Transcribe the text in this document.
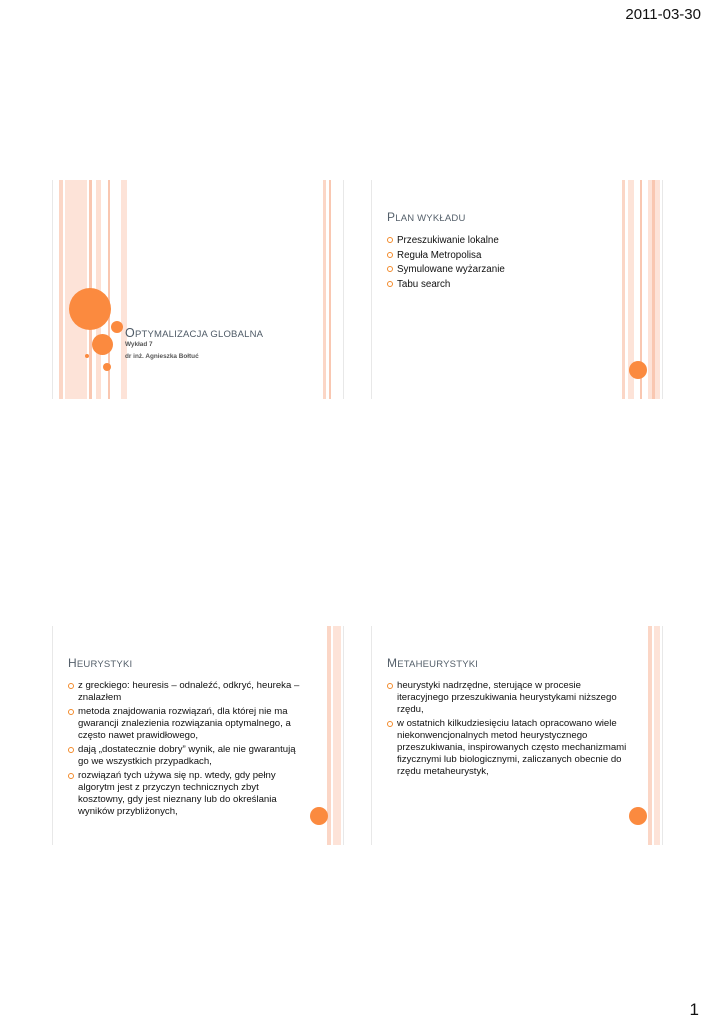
2011-03-30
OPTYMALIZACJA GLOBALNA
Wykład 7
dr inż. Agnieszka Bołtuć
PLAN WYKŁADU
Przeszukiwanie lokalne
Reguła Metropolisa
Symulowane wyżarzanie
Tabu search
HEURYSTYKI
z greckiego: heuresis – odnaleźć, odkryć, heureka – znalazłem
metoda znajdowania rozwiązań, dla której nie ma gwarancji znalezienia rozwiązania optymalnego, a często nawet prawidłowego,
dają „dostatecznie dobry” wynik, ale nie gwarantują go we wszystkich przypadkach,
rozwiązań tych używa się np. wtedy, gdy pełny algorytm jest z przyczyn technicznych zbyt kosztowny, gdy jest nieznany lub do określania wyników przybliżonych,
METAHEURYSTYKI
heurystyki nadrzędne, sterujące w procesie iteracyjnego przeszukiwania heurystykami niższego rzędu,
w ostatnich kilkudziesięciu latach opracowano wiele niekonwencjonalnych metod heurystycznego przeszukiwania, inspirowanych często mechanizmami fizycznymi lub biologicznymi, zaliczanych obecnie do rzędu metaheurystyk,
1
